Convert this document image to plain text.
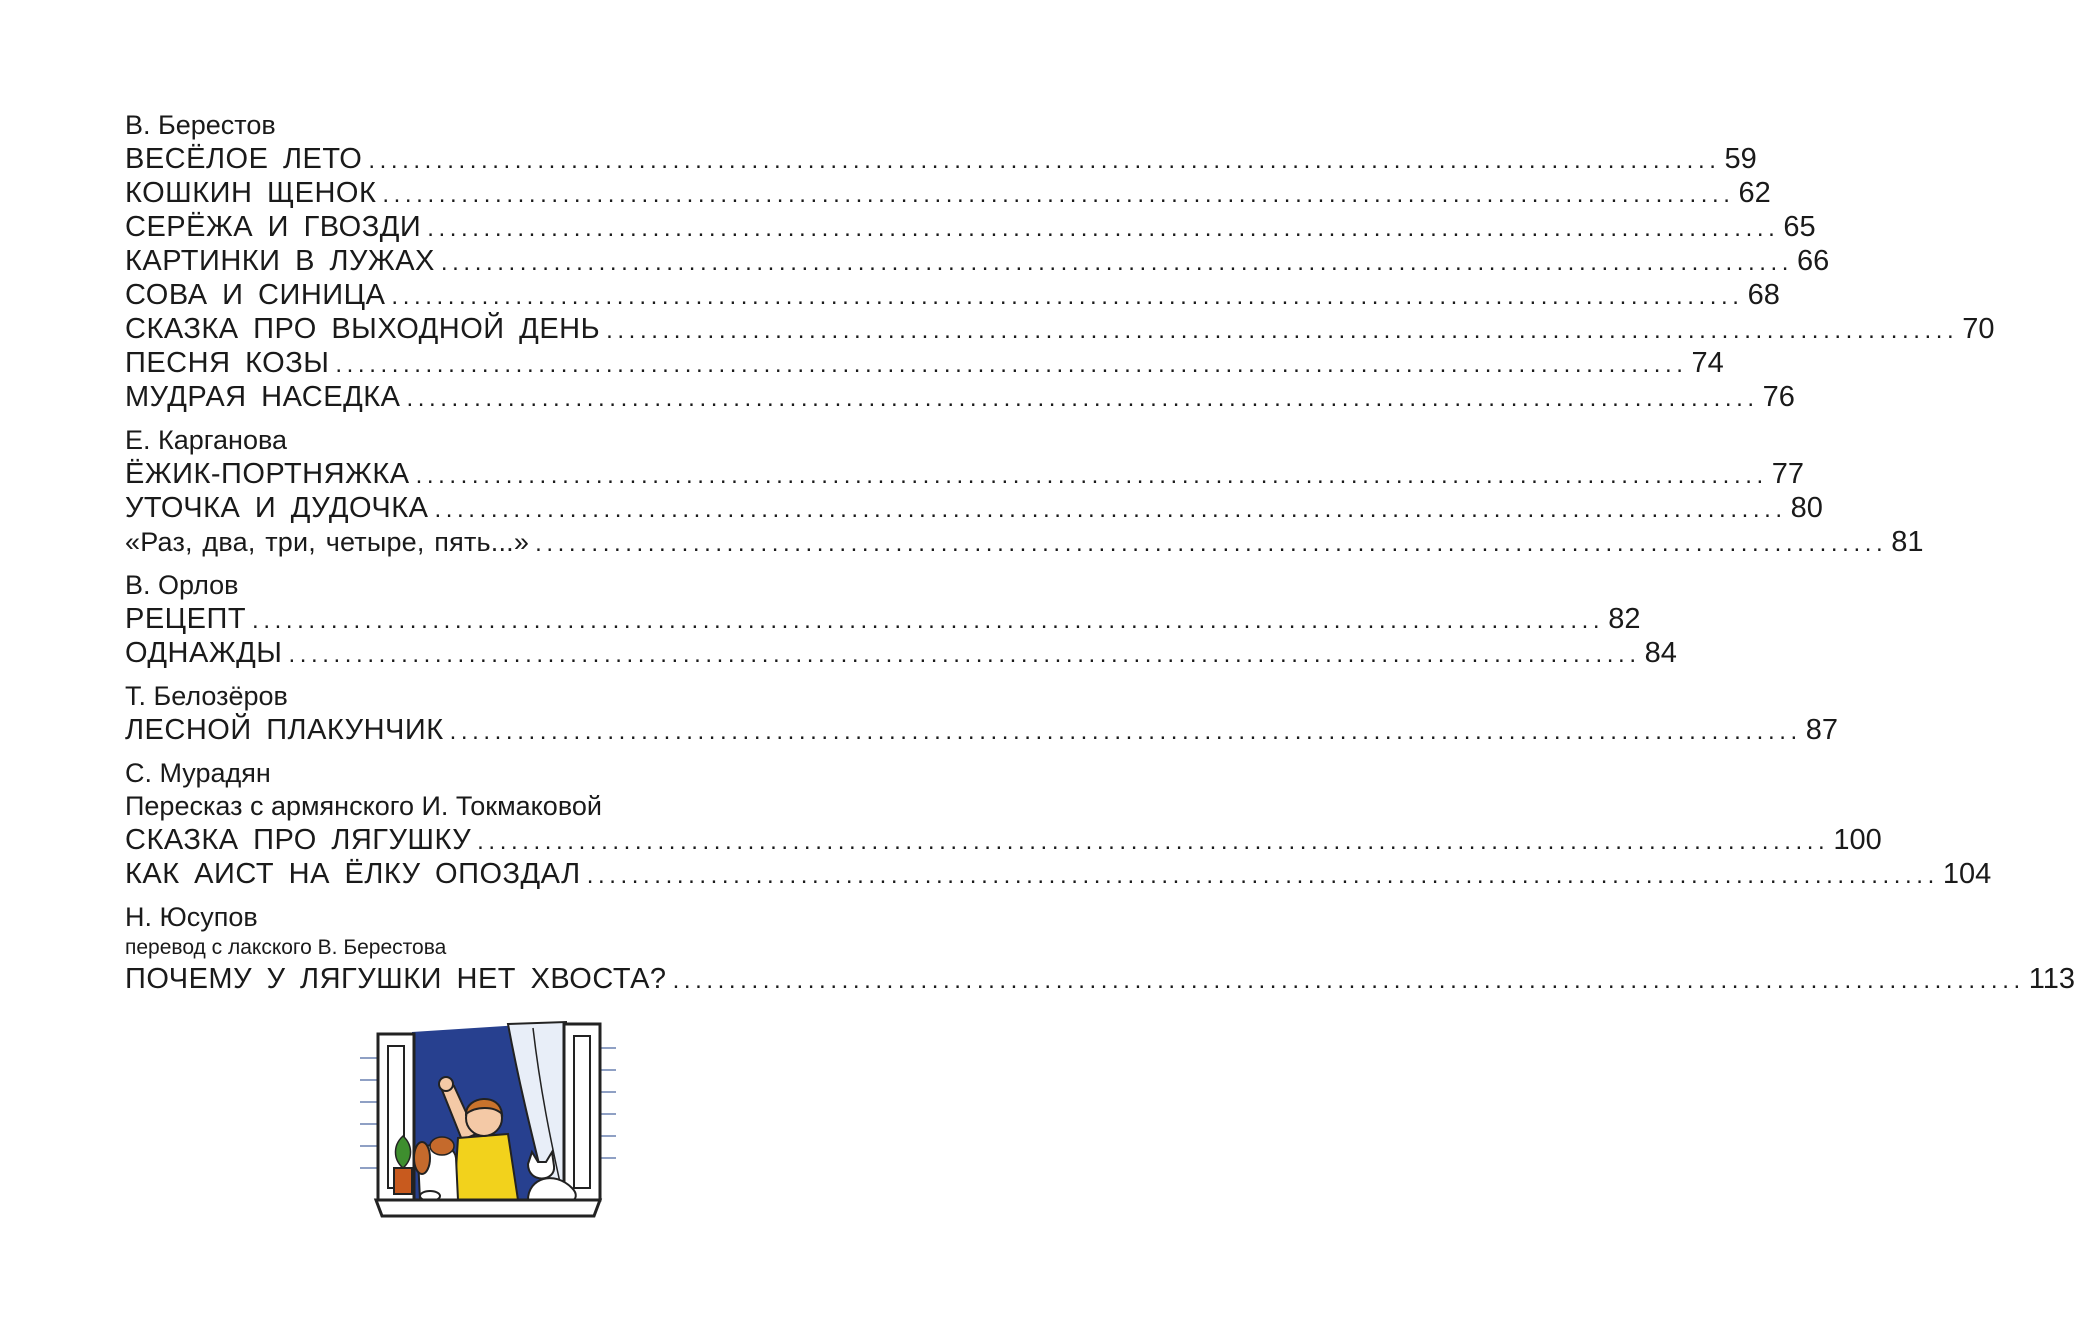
В. Берестов
ВЕСЁЛОЕ ЛЕТО ........................................................................................................................ 59
КОШКИН ЩЕНОК ........................................................................................................................ 62
СЕРЁЖА И ГВОЗДИ ........................................................................................................................ 65
КАРТИНКИ В ЛУЖАХ ........................................................................................................................ 66
СОВА И СИНИЦА ........................................................................................................................ 68
СКАЗКА ПРО ВЫХОДНОЙ ДЕНЬ ........................................................................................................................ 70
ПЕСНЯ КОЗЫ ........................................................................................................................ 74
МУДРАЯ НАСЕДКА ........................................................................................................................ 76
Е. Карганова
ЁЖИК-ПОРТНЯЖКА ........................................................................................................................ 77
УТОЧКА И ДУДОЧКА ........................................................................................................................ 80
«Раз, два, три, четыре, пять...» ........................................................................................................................ 81
В. Орлов
РЕЦЕПТ ........................................................................................................................ 82
ОДНАЖДЫ ........................................................................................................................ 84
Т. Белозёров
ЛЕСНОЙ ПЛАКУНЧИК ........................................................................................................................ 87
С. Мурадян
Пересказ с армянского И. Токмаковой
СКАЗКА ПРО ЛЯГУШКУ ........................................................................................................................ 100
КАК АИСТ НА ЁЛКУ ОПОЗДАЛ ........................................................................................................................ 104
Н. Юсупов
перевод с лакского В. Берестова
ПОЧЕМУ У ЛЯГУШКИ НЕТ ХВОСТА? ........................................................................................................................ 113
